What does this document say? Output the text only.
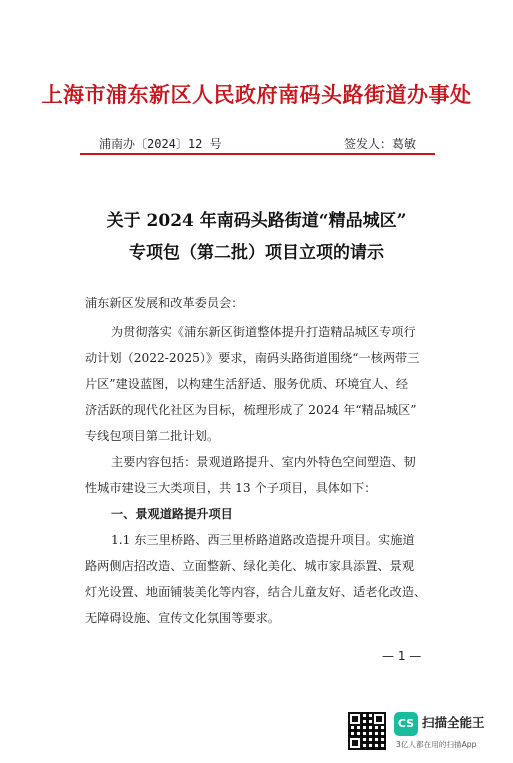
上海市浦东新区人民政府南码头路街道办事处
浦南办〔2024〕12 号	签发人：葛敏
关于 2024 年南码头路街道“精品城区”
专项包（第二批）项目立项的请示
浦东新区发展和改革委员会：
为贯彻落实《浦东新区街道整体提升打造精品城区专项行
动计划（2022-2025）》要求，南码头路街道围绕“一核两带三
片区”建设蓝图，以构建生活舒适、服务优质、环境宜人、经
济活跃的现代化社区为目标，梳理形成了 2024 年“精品城区”
专线包项目第二批计划。
主要内容包括：景观道路提升、室内外特色空间塑造、韧
性城市建设三大类项目，共 13 个子项目，具体如下：
一、景观道路提升项目
1.1 东三里桥路、西三里桥路道路改造提升项目。实施道
路两侧店招改造、立面整新、绿化美化、城市家具添置、景观
灯光设置、地面铺装美化等内容，结合儿童友好、适老化改造、
无障碍设施、宣传文化氛围等要求。
— 1 —
CS 扫描全能王
3亿人都在用的扫描App
